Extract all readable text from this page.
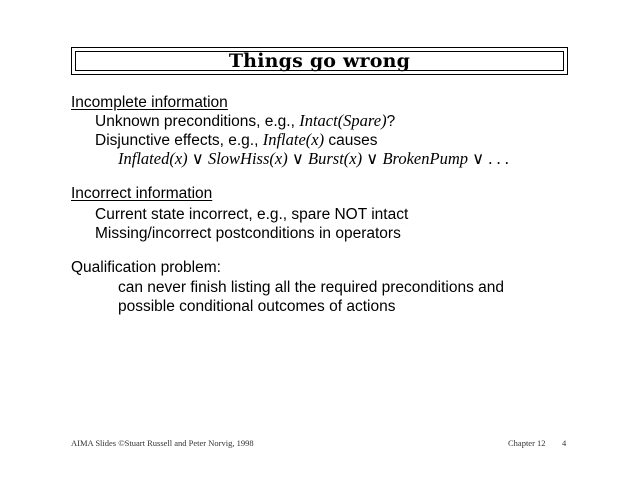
Things go wrong
Incomplete information
Unknown preconditions, e.g., Intact(Spare)?
Disjunctive effects, e.g., Inflate(x) causes
Inflated(x) ∨ SlowHiss(x) ∨ Burst(x) ∨ BrokenPump ∨ . . .
Incorrect information
Current state incorrect, e.g., spare NOT intact
Missing/incorrect postconditions in operators
Qualification problem:
can never finish listing all the required preconditions and
possible conditional outcomes of actions
AIMA Slides ©Stuart Russell and Peter Norvig, 1998	Chapter 12 4
